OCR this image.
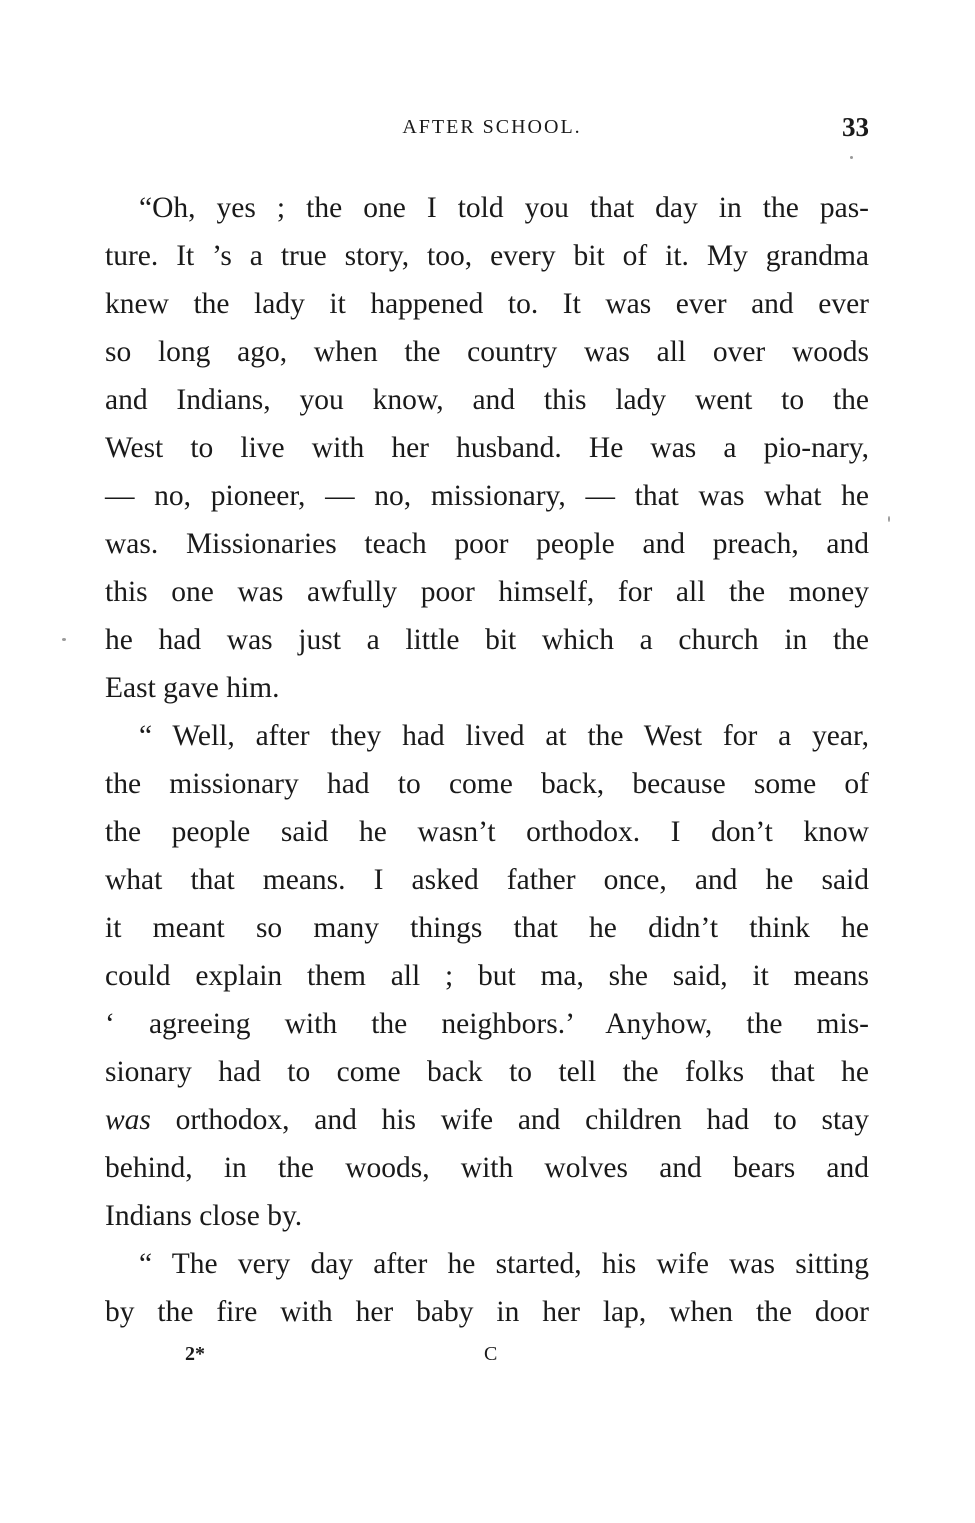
AFTER SCHOOL.	33
“Oh, yes ; the one I told you that day in the pas-
ture. It ’s a true story, too, every bit of it. My grandma
knew the lady it happened to. It was ever and ever
so long ago, when the country was all over woods
and Indians, you know, and this lady went to the
West to live with her husband. He was a pio-nary,
— no, pioneer, — no, missionary, — that was what he
was. Missionaries teach poor people and preach, and
this one was awfully poor himself, for all the money
he had was just a little bit which a church in the
East gave him.
“ Well, after they had lived at the West for a year,
the missionary had to come back, because some of
the people said he wasn’t orthodox. I don’t know
what that means. I asked father once, and he said
it meant so many things that he didn’t think he
could explain them all ; but ma, she said, it means
‘ agreeing with the neighbors.’ Anyhow, the mis-
sionary had to come back to tell the folks that he
was orthodox, and his wife and children had to stay
behind, in the woods, with wolves and bears and
Indians close by.
“ The very day after he started, his wife was sitting
by the fire with her baby in her lap, when the door
2*	C
